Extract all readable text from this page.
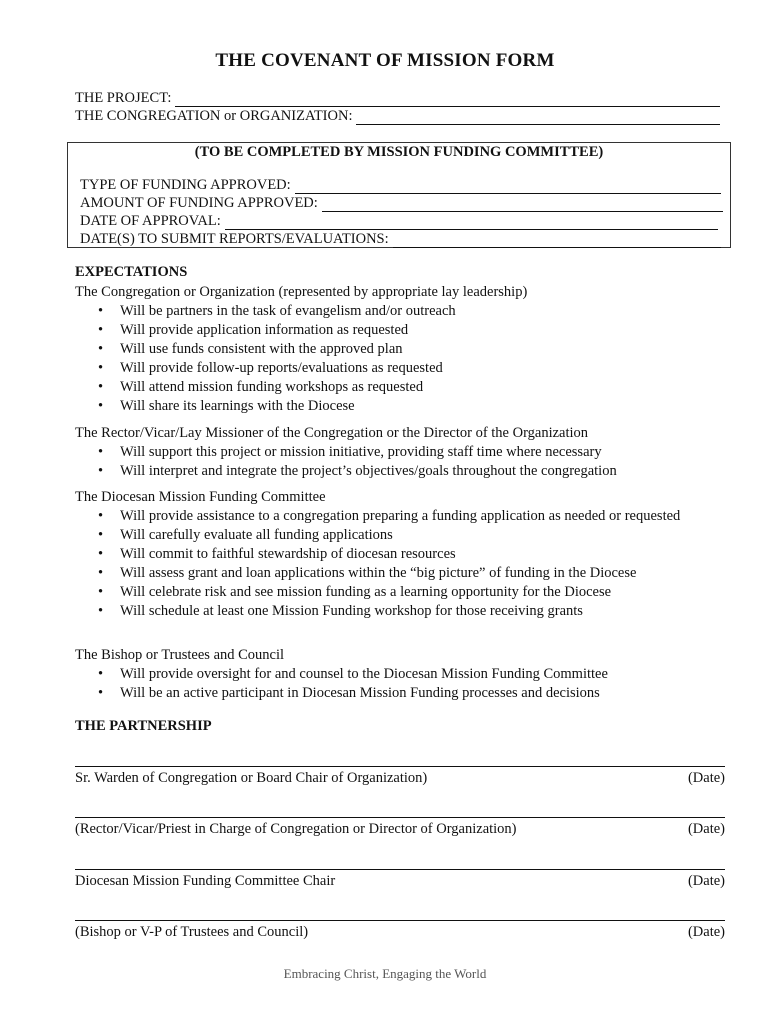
THE COVENANT OF MISSION FORM
THE PROJECT:
THE CONGREGATION or ORGANIZATION:
(TO BE COMPLETED BY MISSION FUNDING COMMITTEE)
TYPE OF FUNDING APPROVED:
AMOUNT OF FUNDING APPROVED:
DATE OF APPROVAL:
DATE(S) TO SUBMIT REPORTS/EVALUATIONS:
EXPECTATIONS
The Congregation or Organization (represented by appropriate lay leadership)
• Will be partners in the task of evangelism and/or outreach
• Will provide application information as requested
• Will use funds consistent with the approved plan
• Will provide follow-up reports/evaluations as requested
• Will attend mission funding workshops as requested
• Will share its learnings with the Diocese
The Rector/Vicar/Lay Missioner of the Congregation or the Director of the Organization
• Will support this project or mission initiative, providing staff time where necessary
• Will interpret and integrate the project’s objectives/goals throughout the congregation
The Diocesan Mission Funding Committee
• Will provide assistance to a congregation preparing a funding application as needed or requested
• Will carefully evaluate all funding applications
• Will commit to faithful stewardship of diocesan resources
• Will assess grant and loan applications within the “big picture” of funding in the Diocese
• Will celebrate risk and see mission funding as a learning opportunity for the Diocese
• Will schedule at least one Mission Funding workshop for those receiving grants
The Bishop or Trustees and Council
• Will provide oversight for and counsel to the Diocesan Mission Funding Committee
• Will be an active participant in Diocesan Mission Funding processes and decisions
THE PARTNERSHIP
Sr. Warden of Congregation or Board Chair of Organization)	(Date)
(Rector/Vicar/Priest in Charge of Congregation or Director of Organization)	(Date)
Diocesan Mission Funding Committee Chair	(Date)
(Bishop or V-P of Trustees and Council)	(Date)
Embracing Christ, Engaging the World
